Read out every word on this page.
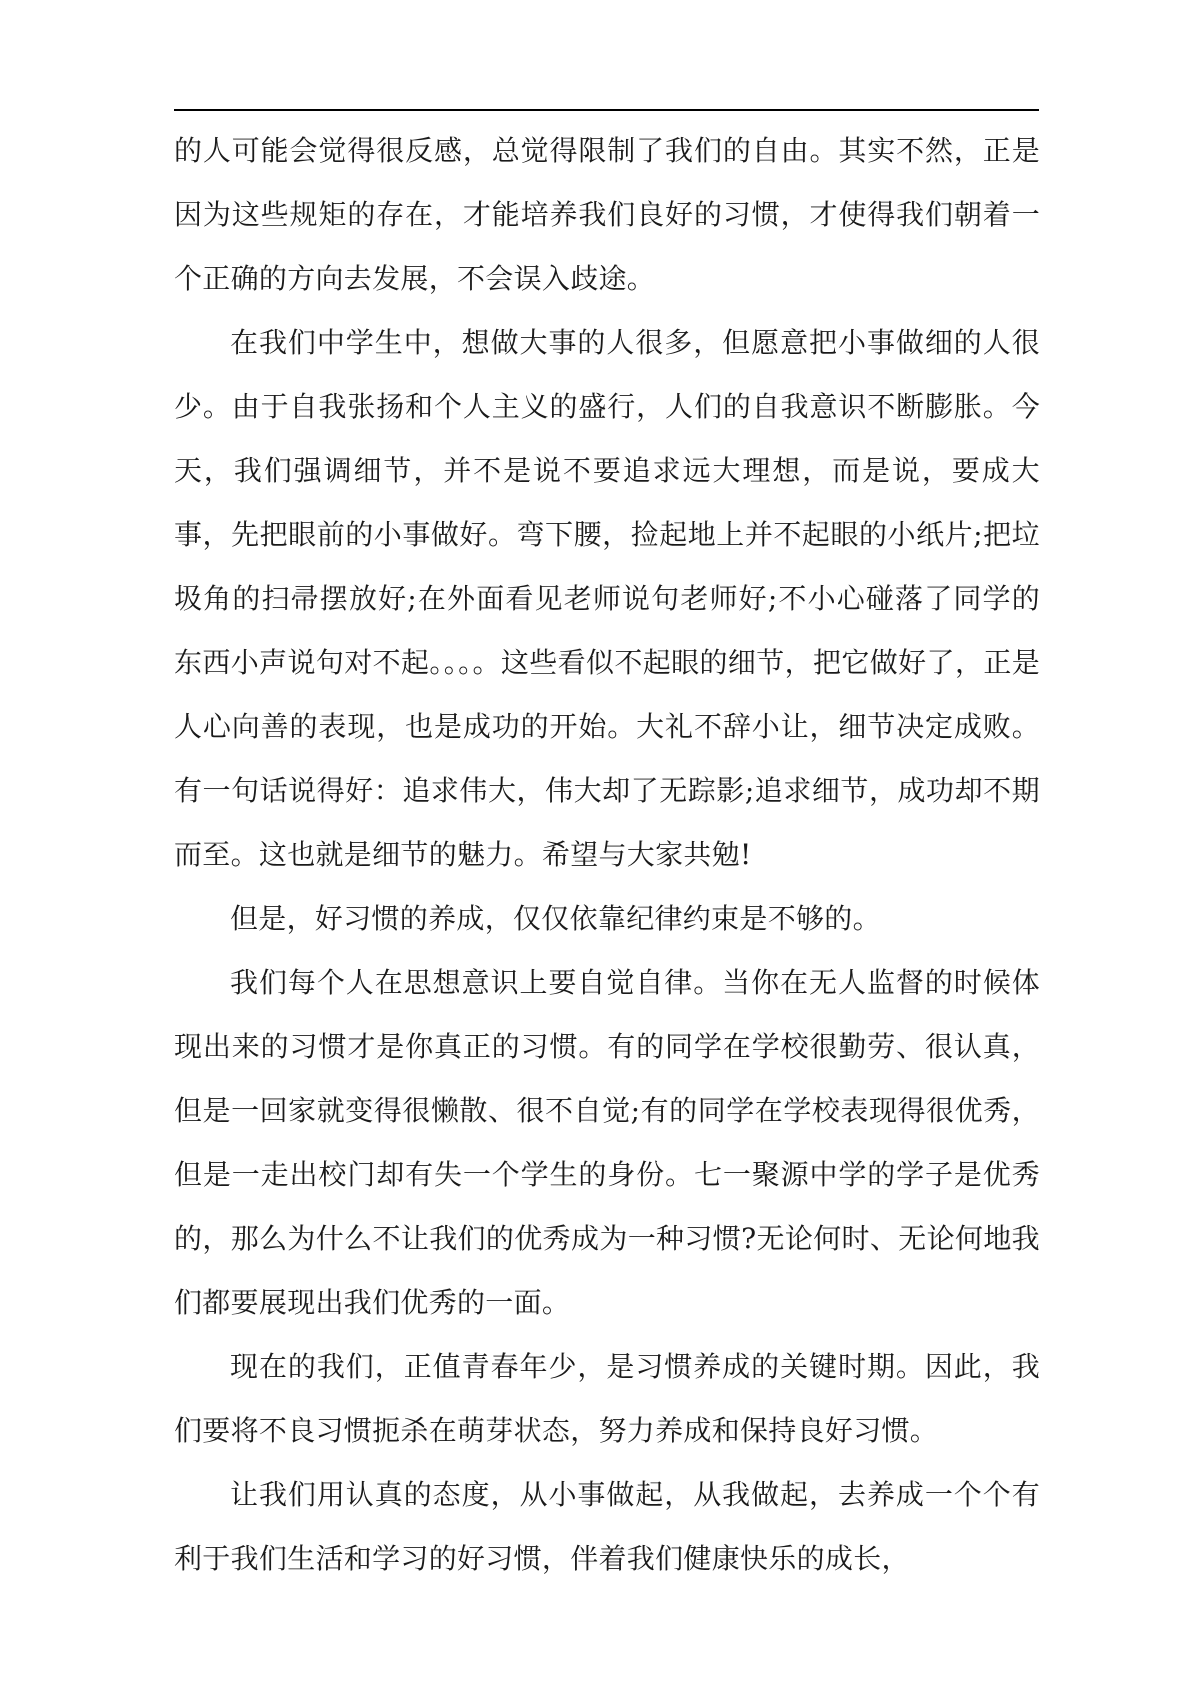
的人可能会觉得很反感，总觉得限制了我们的自由。其实不然，正是因为这些规矩的存在，才能培养我们良好的习惯，才使得我们朝着一个正确的方向去发展，不会误入歧途。

在我们中学生中，想做大事的人很多，但愿意把小事做细的人很少。由于自我张扬和个人主义的盛行，人们的自我意识不断膨胀。今天，我们强调细节，并不是说不要追求远大理想，而是说，要成大事，先把眼前的小事做好。弯下腰，捡起地上并不起眼的小纸片;把垃圾角的扫帚摆放好;在外面看见老师说句老师好;不小心碰落了同学的东西小声说句对不起。。。。这些看似不起眼的细节，把它做好了，正是人心向善的表现，也是成功的开始。大礼不辞小让，细节决定成败。有一句话说得好：追求伟大，伟大却了无踪影;追求细节，成功却不期而至。这也就是细节的魅力。希望与大家共勉!

但是，好习惯的养成，仅仅依靠纪律约束是不够的。

我们每个人在思想意识上要自觉自律。当你在无人监督的时候体现出来的习惯才是你真正的习惯。有的同学在学校很勤劳、很认真，但是一回家就变得很懒散、很不自觉;有的同学在学校表现得很优秀，但是一走出校门却有失一个学生的身份。七一聚源中学的学子是优秀的，那么为什么不让我们的优秀成为一种习惯?无论何时、无论何地我们都要展现出我们优秀的一面。

现在的我们，正值青春年少，是习惯养成的关键时期。因此，我们要将不良习惯扼杀在萌芽状态，努力养成和保持良好习惯。

让我们用认真的态度，从小事做起，从我做起，去养成一个个有利于我们生活和学习的好习惯，伴着我们健康快乐的成长，
